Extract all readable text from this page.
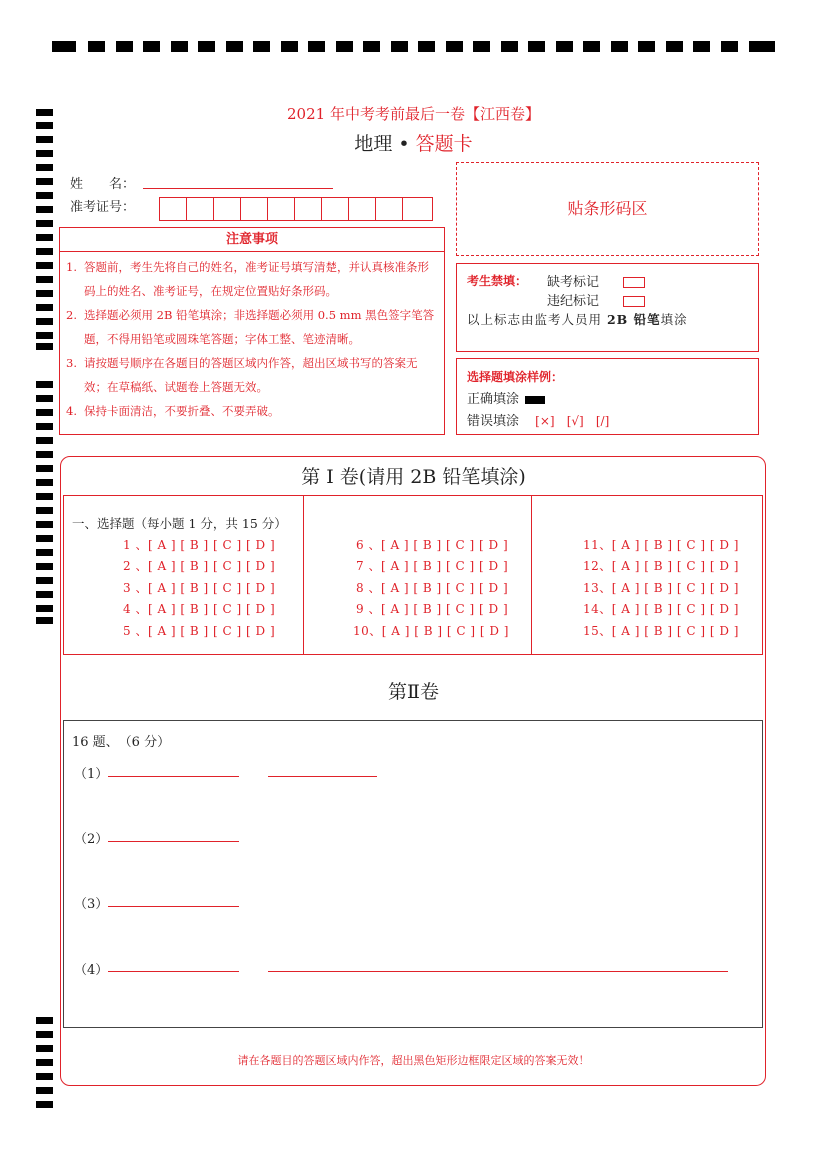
2021 年中考考前最后一卷【江西卷】
地理 • 答题卡
姓　　名：
准考证号：	贴条形码区
注意事项
1. 答题前，考生先将自己的姓名，准考证号填写清楚，并认真核准条形码上的姓名、准考证号，在规定位置贴好条形码。
2. 选择题必须用 2B 铅笔填涂；非选择题必须用 0.5 mm 黑色签字笔答题，不得用铅笔或圆珠笔答题；字体工整、笔迹清晰。
3. 请按题号顺序在各题目的答题区域内作答，超出区域书写的答案无效；在草稿纸、试题卷上答题无效。
4. 保持卡面清洁，不要折叠、不要弄破。
考生禁填： 缺考标记
违纪标记
以上标志由监考人员用 2B 铅笔填涂
选择题填涂样例：
正确填涂
错误填涂 [×] [√] [/]
第 I 卷(请用 2B 铅笔填涂)
一、选择题（每小题 1 分，共 15 分）
1 、[ A ] [ B ] [ C ] [ D ]
2 、[ A ] [ B ] [ C ] [ D ]
3 、[ A ] [ B ] [ C ] [ D ]
4 、[ A ] [ B ] [ C ] [ D ]
5 、[ A ] [ B ] [ C ] [ D ]
6 、[ A ] [ B ] [ C ] [ D ]
7 、[ A ] [ B ] [ C ] [ D ]
8 、[ A ] [ B ] [ C ] [ D ]
9 、[ A ] [ B ] [ C ] [ D ]
10、[ A ] [ B ] [ C ] [ D ]
11、[ A ] [ B ] [ C ] [ D ]
12、[ A ] [ B ] [ C ] [ D ]
13、[ A ] [ B ] [ C ] [ D ]
14、[ A ] [ B ] [ C ] [ D ]
15、[ A ] [ B ] [ C ] [ D ]
第Ⅱ卷
16 题、　（6 分）
（1）
（2）
（3）
（4）
请在各题目的答题区域内作答，超出黑色矩形边框限定区域的答案无效！
